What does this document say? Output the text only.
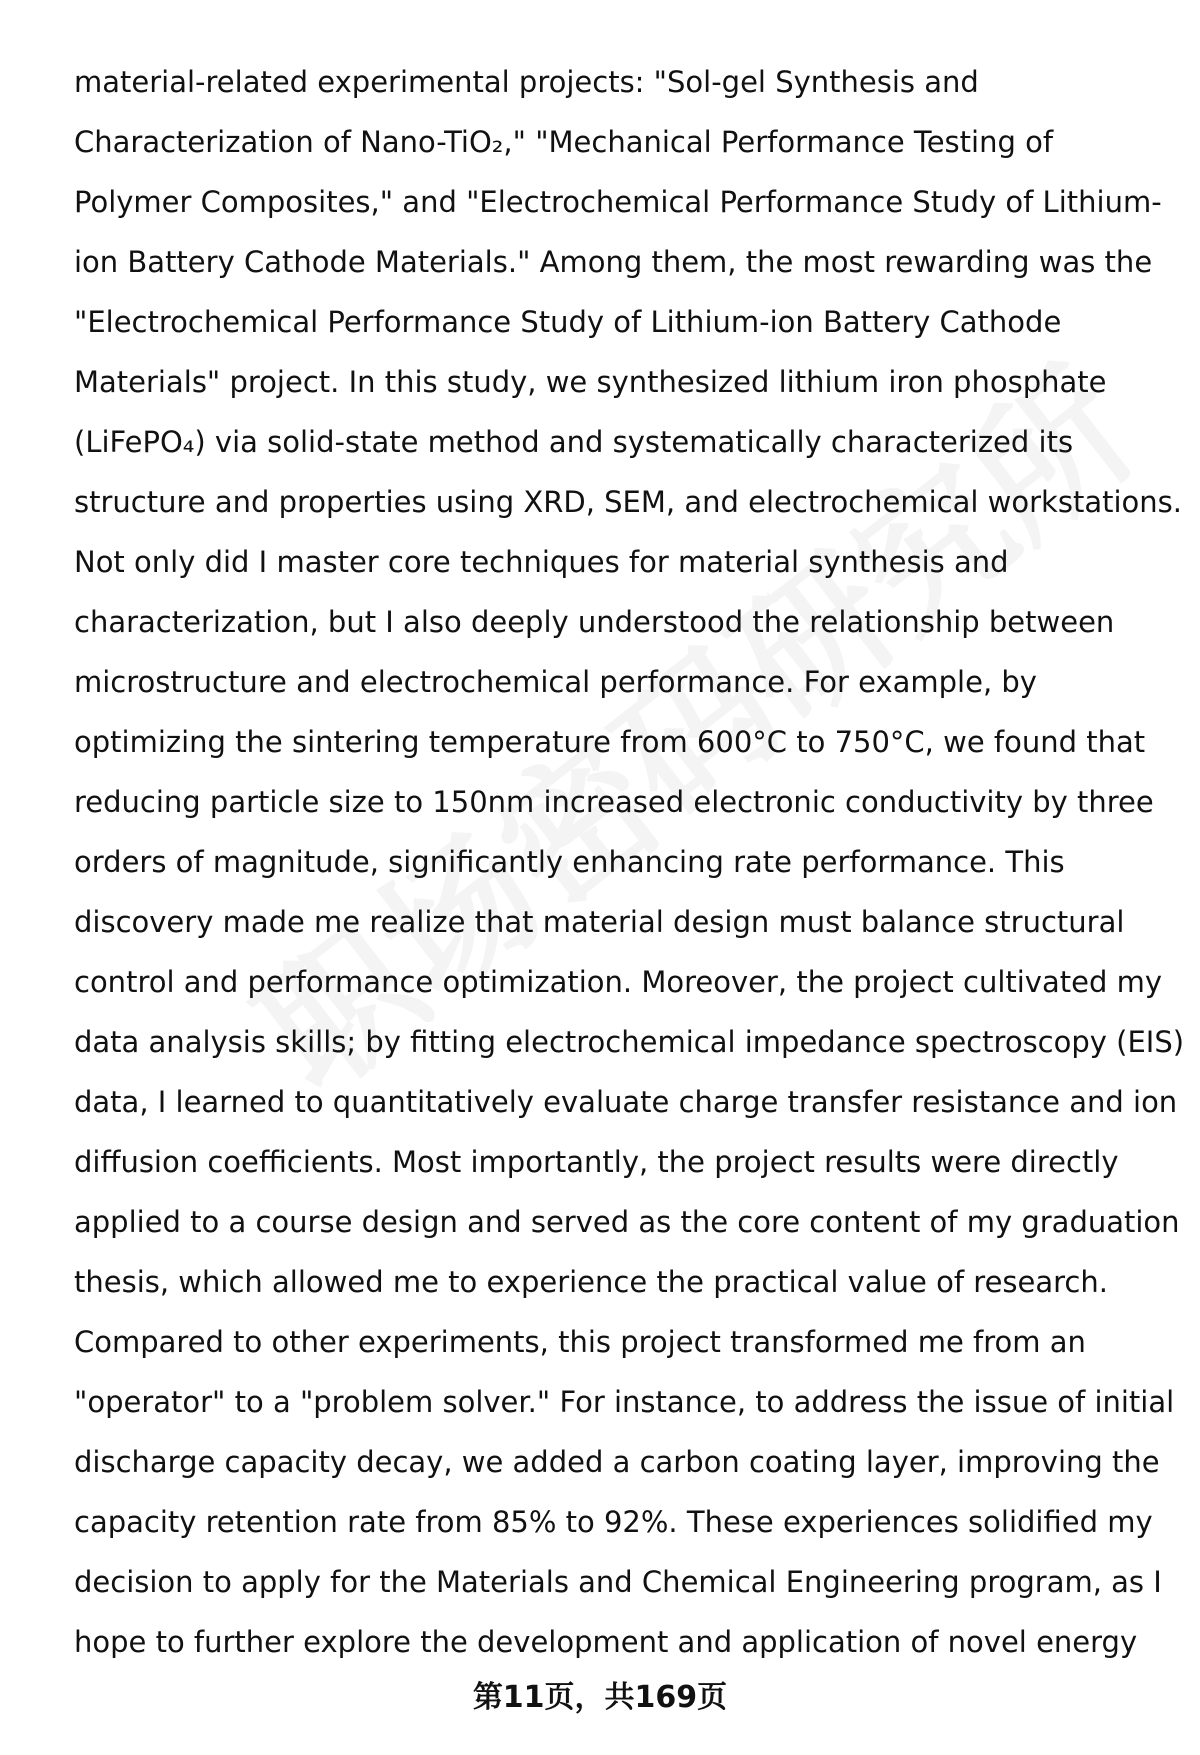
material-related experimental projects: "Sol-gel Synthesis and
Characterization of Nano-TiO₂," "Mechanical Performance Testing of
Polymer Composites," and "Electrochemical Performance Study of Lithium-
ion Battery Cathode Materials." Among them, the most rewarding was the
"Electrochemical Performance Study of Lithium-ion Battery Cathode
Materials" project. In this study, we synthesized lithium iron phosphate
(LiFePO₄) via solid-state method and systematically characterized its
structure and properties using XRD, SEM, and electrochemical workstations.
Not only did I master core techniques for material synthesis and
characterization, but I also deeply understood the relationship between
microstructure and electrochemical performance. For example, by
optimizing the sintering temperature from 600°C to 750°C, we found that
reducing particle size to 150nm increased electronic conductivity by three
orders of magnitude, significantly enhancing rate performance. This
discovery made me realize that material design must balance structural
control and performance optimization. Moreover, the project cultivated my
data analysis skills; by fitting electrochemical impedance spectroscopy (EIS)
data, I learned to quantitatively evaluate charge transfer resistance and ion
diffusion coefficients. Most importantly, the project results were directly
applied to a course design and served as the core content of my graduation
thesis, which allowed me to experience the practical value of research.
Compared to other experiments, this project transformed me from an
"operator" to a "problem solver." For instance, to address the issue of initial
discharge capacity decay, we added a carbon coating layer, improving the
capacity retention rate from 85% to 92%. These experiences solidified my
decision to apply for the Materials and Chemical Engineering program, as I
hope to further explore the development and application of novel energy
第11页，共169页
